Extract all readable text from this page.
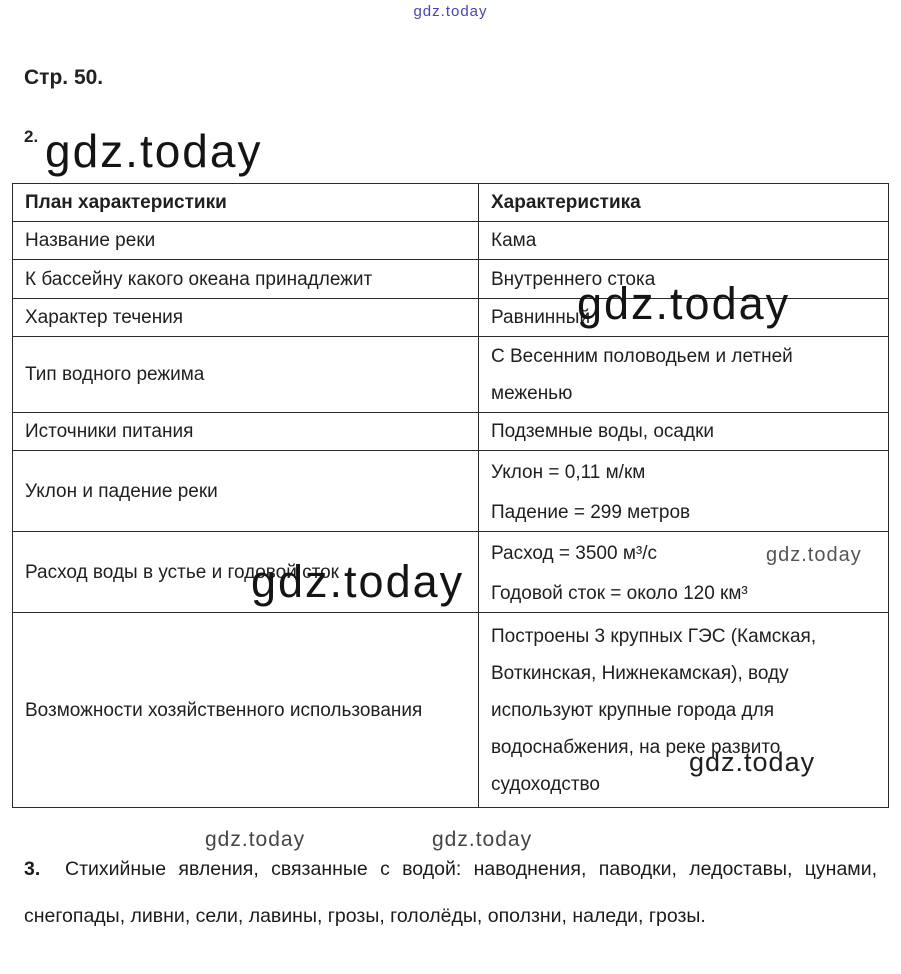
gdz.today
Стр. 50.
2. gdz.today
План характеристики	Характеристика
Название реки	Кама
К бассейну какого океана принадлежит	Внутреннего стока
Характер течения	Равнинный
Тип водного режима	С Весенним половодьем и летней меженью
Источники питания	Подземные воды, осадки
Уклон и падение реки	Уклон = 0,11 м/км
Падение = 299 метров

Расход воды в устье и годовой сток	Расход = 3500 м³/с
Годовой сток = около 120 км³

Возможности хозяйственного использования	Построены 3 крупных ГЭС (Камская, Воткинская, Нижнекамская), воду используют крупные города для водоснабжения, на реке развито судоходство
gdz.today
gdz.today
gdz.today
gdz.today
gdz.today	gdz.today
3.  Стихийные явления, связанные с водой: наводнения, паводки, ледоставы, цунами, снегопады, ливни, сели, лавины, грозы, гололёды, оползни, наледи, грозы.
